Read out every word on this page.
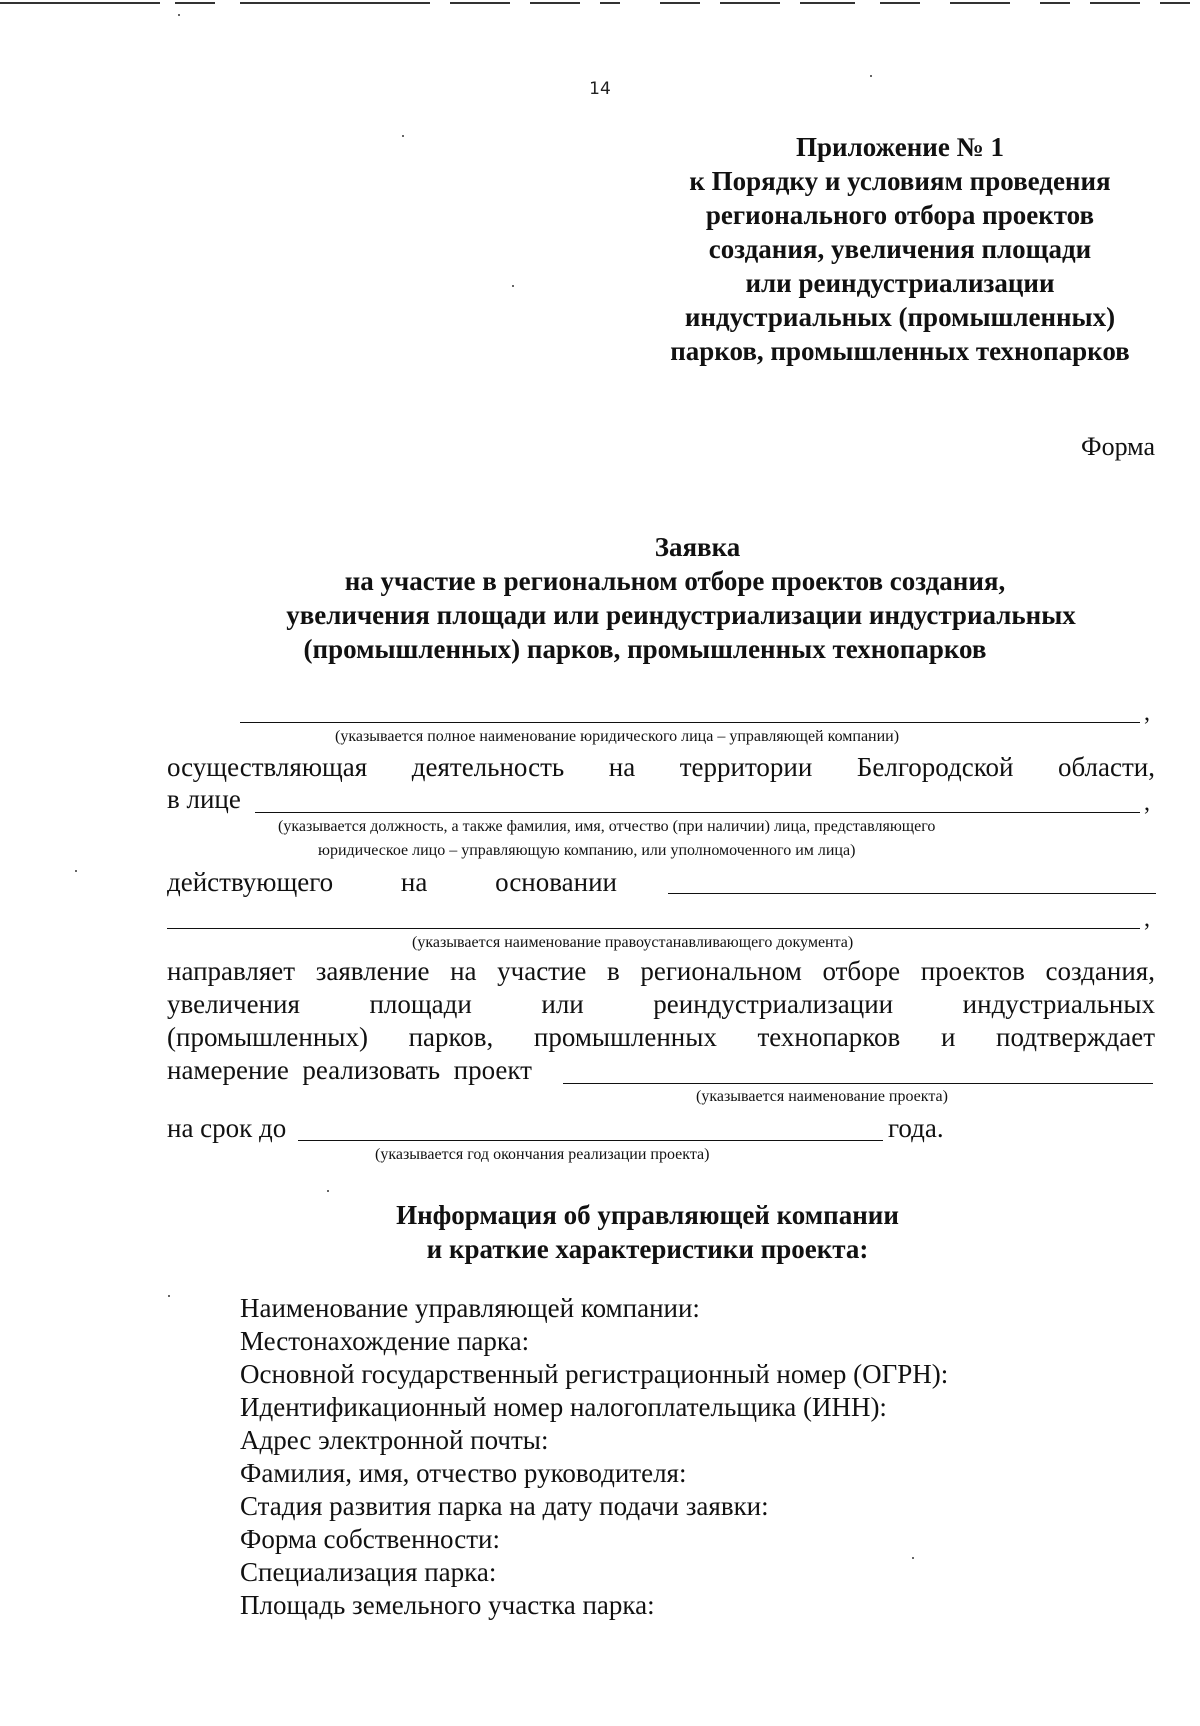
14
Приложение № 1
к Порядку и условиям проведения
регионального отбора проектов
создания, увеличения площади
или реиндустриализации
индустриальных (промышленных)
парков, промышленных технопарков
Форма
Заявка
на участие в региональном отборе проектов создания,
увеличения площади или реиндустриализации индустриальных
(промышленных) парков, промышленных технопарков
,
(указывается полное наименование юридического лица – управляющей компании)
осуществляющая деятельность на территории Белгородской области,
в лице	,
(указывается должность, а также фамилия, имя, отчество (при наличии) лица, представляющего
юридическое лицо – управляющую компанию, или уполномоченного им лица)
действующего	на	основании
,
(указывается наименование правоустанавливающего документа)
направляет заявление на участие в региональном отборе проектов создания,
увеличения	площади	или	реиндустриализации	индустриальных
(промышленных) парков, промышленных технопарков и подтверждает
намерение  реализовать  проект
(указывается наименование проекта)
на срок до	года.
(указывается год окончания реализации проекта)
Информация об управляющей компании
и краткие характеристики проекта:
Наименование управляющей компании:
Местонахождение парка:
Основной государственный регистрационный номер (ОГРН):
Идентификационный номер налогоплательщика (ИНН):
Адрес электронной почты:
Фамилия, имя, отчество руководителя:
Стадия развития парка на дату подачи заявки:
Форма собственности:
Специализация парка:
Площадь земельного участка парка:
